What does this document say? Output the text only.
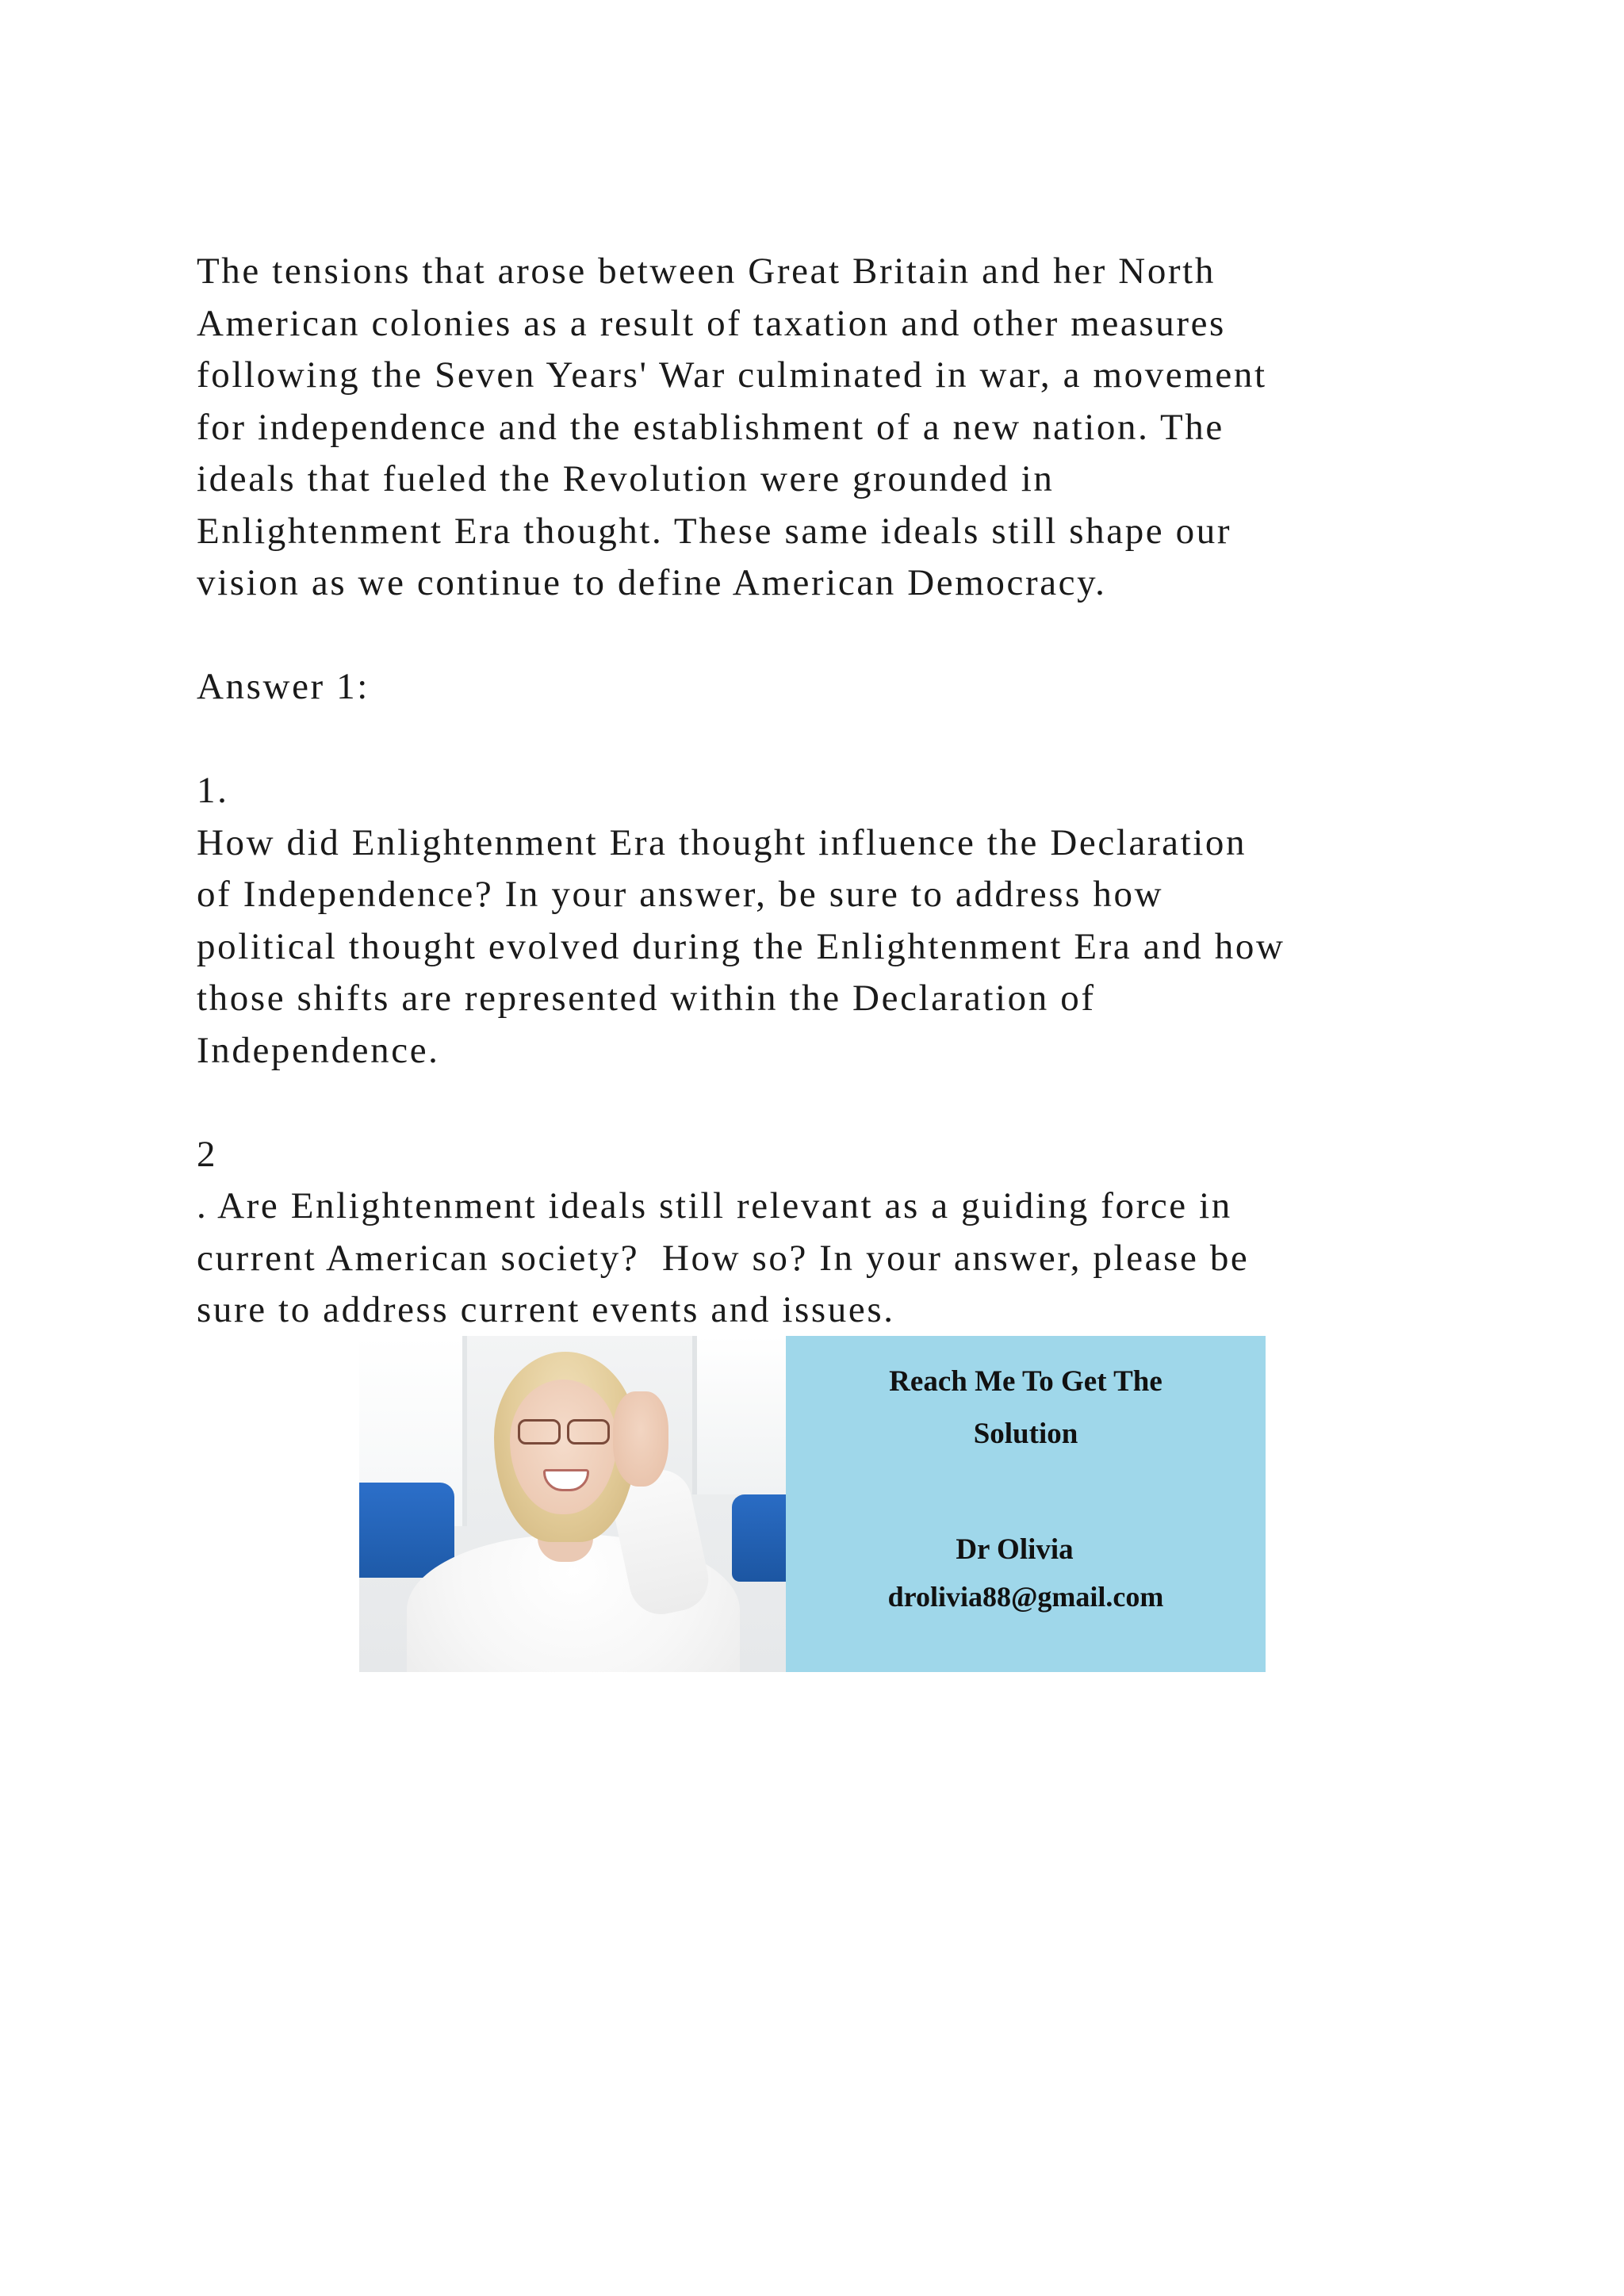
The tensions that arose between Great Britain and her North
American colonies as a result of taxation and other measures
following the Seven Years' War culminated in war, a movement
for independence and the establishment of a new nation. The
ideals that fueled the Revolution were grounded in
Enlightenment Era thought. These same ideals still shape our
vision as we continue to define American Democracy.
Answer 1:
1.
How did Enlightenment Era thought influence the Declaration
of Independence? In your answer, be sure to address how
political thought evolved during the Enlightenment Era and how
those shifts are represented within the Declaration of
Independence.
2
. Are Enlightenment ideals still relevant as a guiding force in
current American society?  How so? In your answer, please be
sure to address current events and issues.
Reach Me To Get The
Solution
Dr Olivia
drolivia88@gmail.com
